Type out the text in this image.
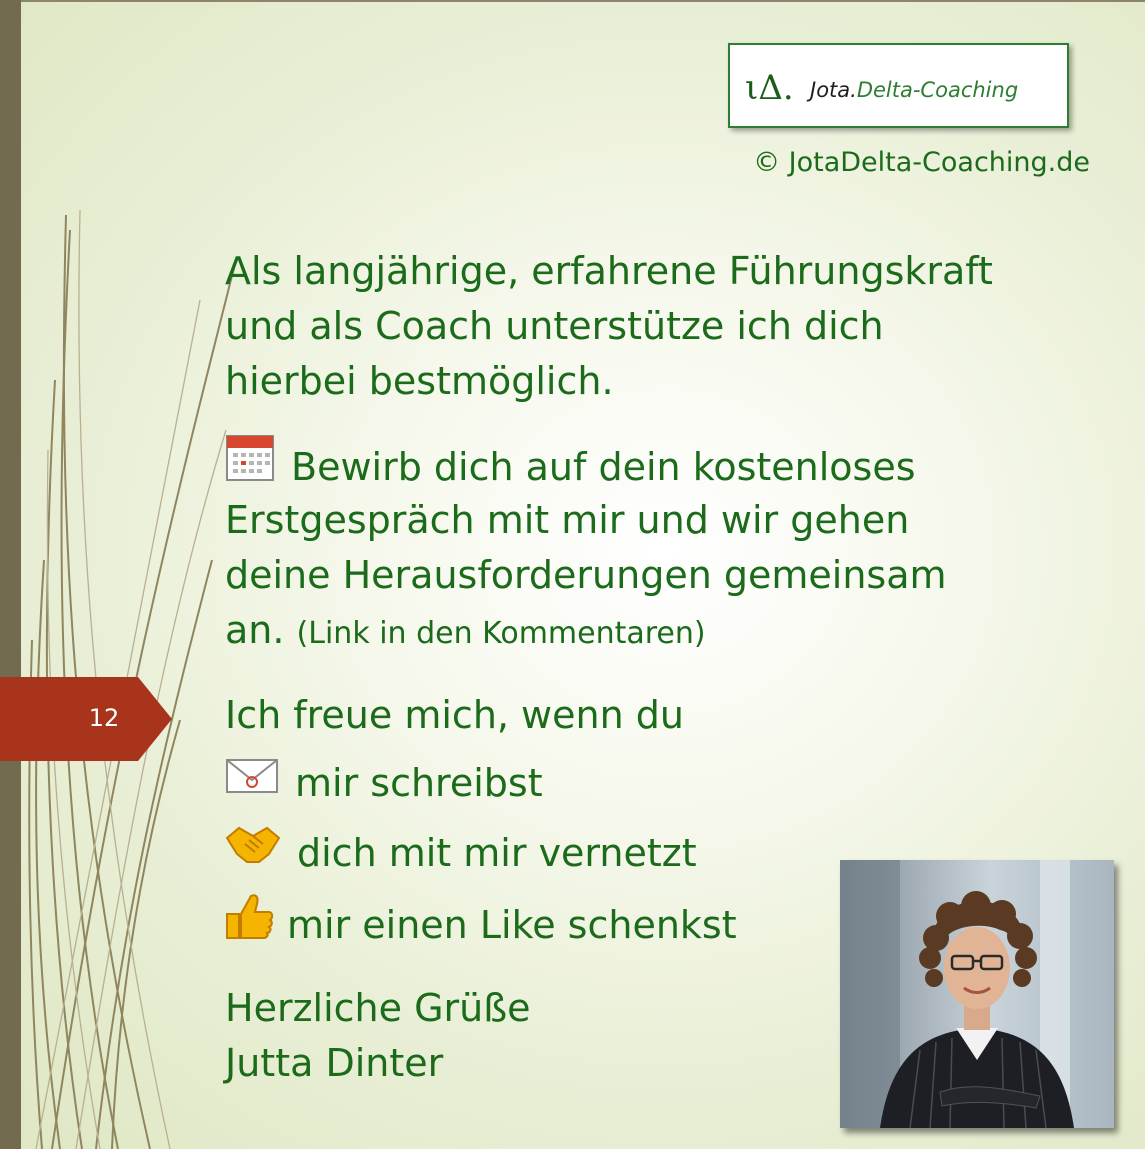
12
ιΔ. Jota.Delta-Coaching
© JotaDelta-Coaching.de
Als langjährige, erfahrene Führungskraft
und als Coach unterstütze ich dich
hierbei bestmöglich.
Bewirb dich auf dein kostenloses
Erstgespräch mit mir und wir gehen
deine Herausforderungen gemeinsam
an. (Link in den Kommentaren)
Ich freue mich, wenn du
mir schreibst
dich mit mir vernetzt
mir einen Like schenkst
Herzliche Grüße
Jutta Dinter
